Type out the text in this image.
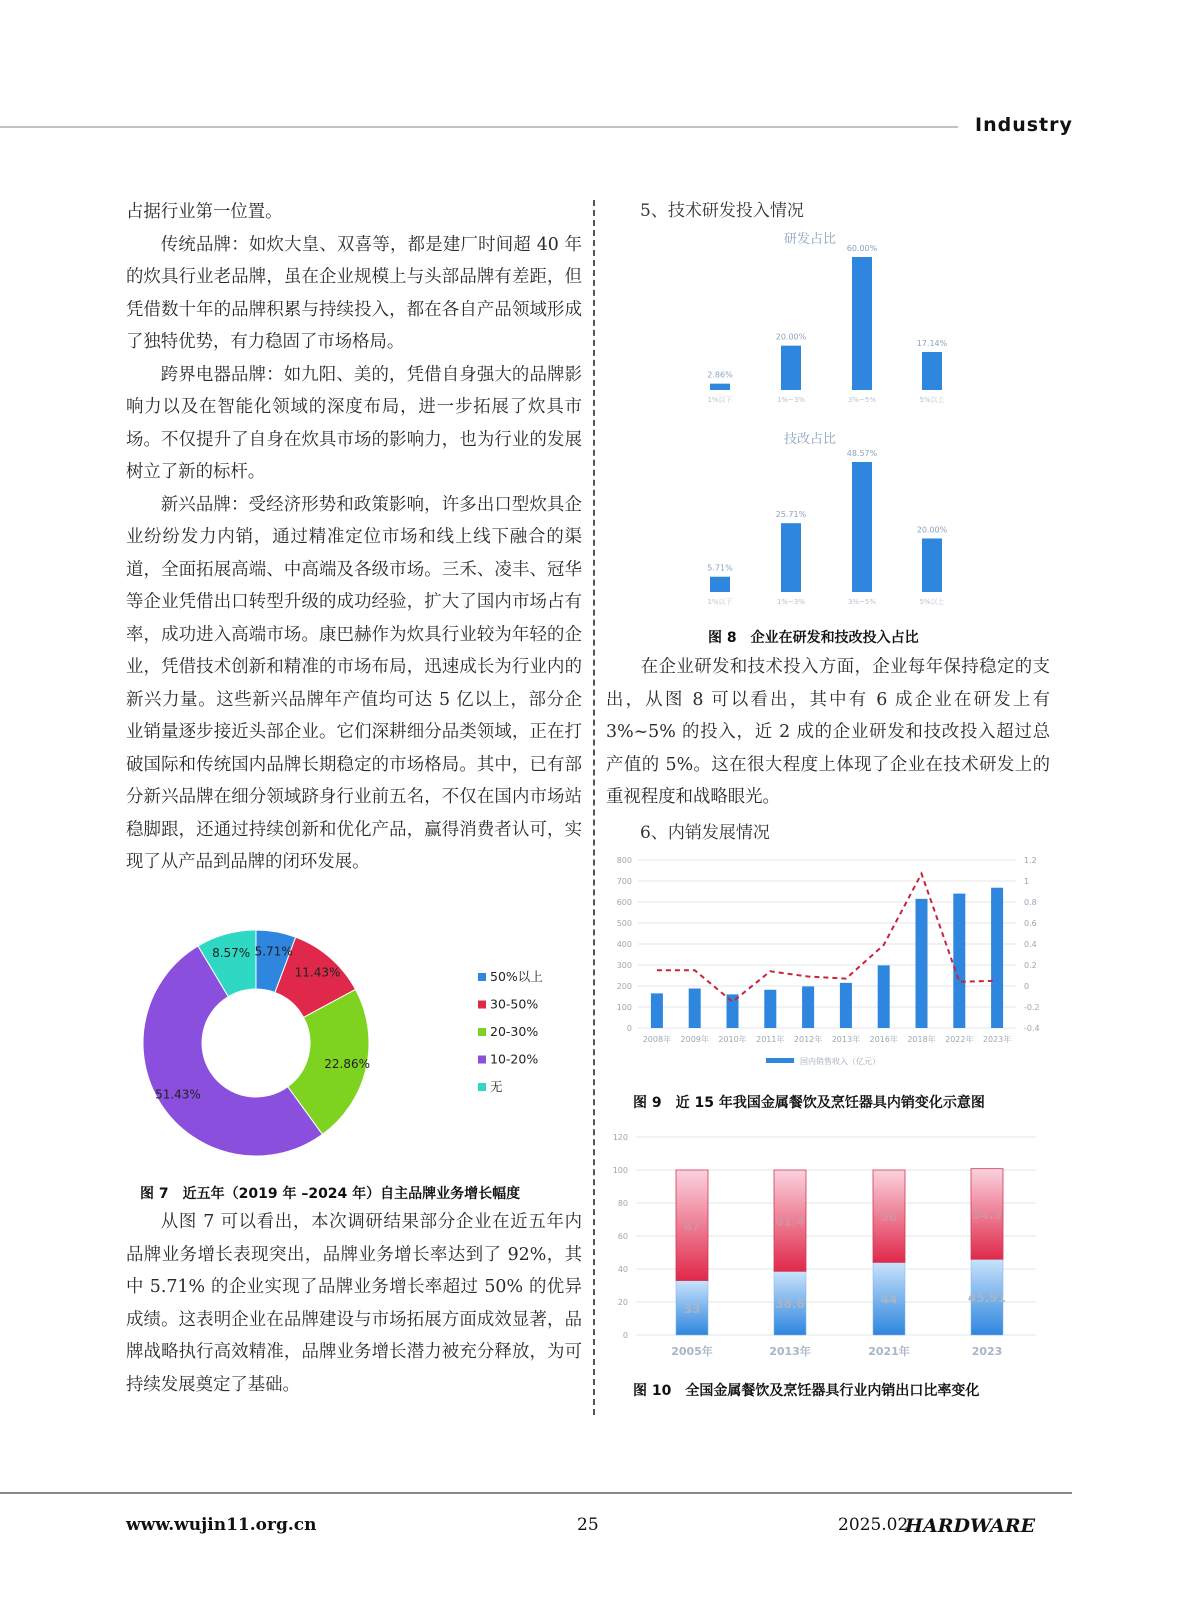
Industry

占据行业第一位置。

传统品牌：如炊大皇、双喜等，都是建厂时间超 40 年的炊具行业老品牌，虽在企业规模上与头部品牌有差距，但凭借数十年的品牌积累与持续投入，都在各自产品领域形成了独特优势，有力稳固了市场格局。

跨界电器品牌：如九阳、美的，凭借自身强大的品牌影响力以及在智能化领域的深度布局，进一步拓展了炊具市场。不仅提升了自身在炊具市场的影响力，也为行业的发展树立了新的标杆。

新兴品牌：受经济形势和政策影响，许多出口型炊具企业纷纷发力内销，通过精准定位市场和线上线下融合的渠道，全面拓展高端、中高端及各级市场。三禾、凌丰、冠华等企业凭借出口转型升级的成功经验，扩大了国内市场占有率，成功进入高端市场。康巴赫作为炊具行业较为年轻的企业，凭借技术创新和精准的市场布局，迅速成长为行业内的新兴力量。这些新兴品牌年产值均可达 5 亿以上，部分企业销量逐步接近头部企业。它们深耕细分品类领域，正在打破国际和传统国内品牌长期稳定的市场格局。其中，已有部分新兴品牌在细分领域跻身行业前五名，不仅在国内市场站稳脚跟，还通过持续创新和优化产品，赢得消费者认可，实现了从产品到品牌的闭环发展。

5.71%
11.43%
22.86%
51.43%
8.57%
50%以上
30-50%
20-30%
10-20%
无
图 7　近五年（2019 年 –2024 年）自主品牌业务增长幅度

从图 7 可以看出，本次调研结果部分企业在近五年内品牌业务增长表现突出，品牌业务增长率达到了 92%，其中 5.71% 的企业实现了品牌业务增长率超过 50% 的优异成绩。这表明企业在品牌建设与市场拓展方面成效显著，品牌战略执行高效精准，品牌业务增长潜力被充分释放，为可持续发展奠定了基础。

5、技术研发投入情况
研发占比
2.86%
1%以下
20.00%
1%~3%
60.00%
3%~5%
17.14%
5%以上
技改占比
5.71%
1%以下
25.71%
1%~3%
48.57%
3%~5%
20.00%
5%以上
图 8　企业在研发和技改投入占比

在企业研发和技术投入方面，企业每年保持稳定的支出，从图 8 可以看出，其中有 6 成企业在研发上有 3%~5% 的投入，近 2 成的企业研发和技改投入超过总产值的 5%。这在很大程度上体现了企业在技术研发上的重视程度和战略眼光。

6、内销发展情况
0
100
200
300
400
500
600
700
800
-0.4
-0.2
0
0.2
0.4
0.6
0.8
1
1.2
2008年 2009年 2010年 2011年 2012年 2013年 2016年 2018年 2022年 2023年
国内销售收入（亿元）
图 9　近 15 年我国金属餐饮及烹饪器具内销变化示意图
0
20
40
60
80
100
120
33
67
2005年
38.6
61.4
2013年
44
56
2021年
45.91
54.9
2023
图 10　全国金属餐饮及烹饪器具行业内销出口比率变化
www.wujin11.org.cn	25	2025.02
HARDWARE
